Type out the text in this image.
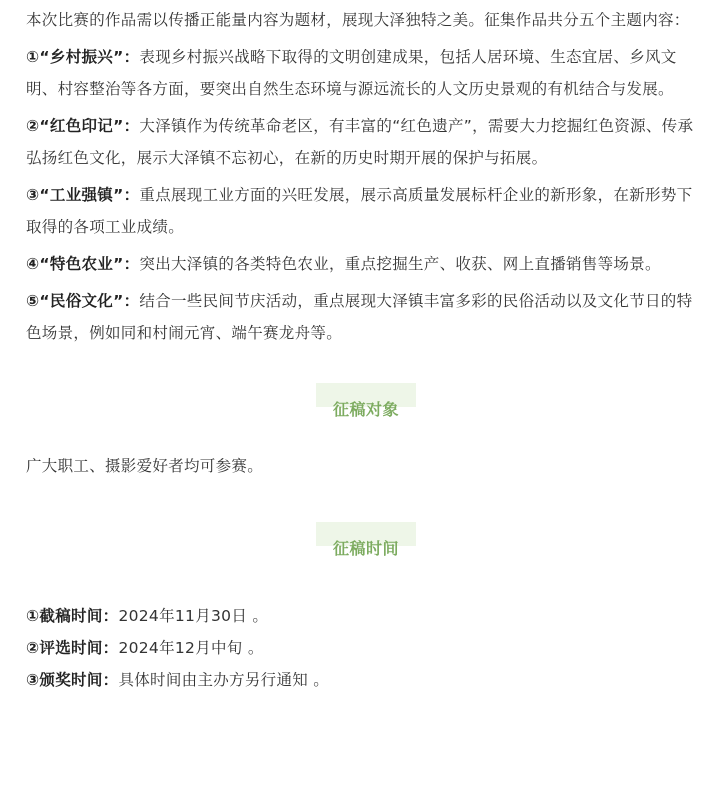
本次比赛的作品需以传播正能量内容为题材，展现大泽独特之美。征集作品共分五个主题内容：

①“乡村振兴”：表现乡村振兴战略下取得的文明创建成果，包括人居环境、生态宜居、乡风文明、村容整治等各方面，要突出自然生态环境与源远流长的人文历史景观的有机结合与发展。

②“红色印记”：大泽镇作为传统革命老区，有丰富的“红色遗产”，需要大力挖掘红色资源、传承弘扬红色文化，展示大泽镇不忘初心，在新的历史时期开展的保护与拓展。

③“工业强镇”：重点展现工业方面的兴旺发展，展示高质量发展标杆企业的新形象，在新形势下取得的各项工业成绩。

④“特色农业”：突出大泽镇的各类特色农业，重点挖掘生产、收获、网上直播销售等场景。

⑤“民俗文化”：结合一些民间节庆活动，重点展现大泽镇丰富多彩的民俗活动以及文化节日的特色场景，例如同和村闹元宵、端午赛龙舟等。

征稿对象

广大职工、摄影爱好者均可参赛。

征稿时间

①截稿时间：2024年11月30日 。

②评选时间：2024年12月中旬 。

③颁奖时间：具体时间由主办方另行通知 。
